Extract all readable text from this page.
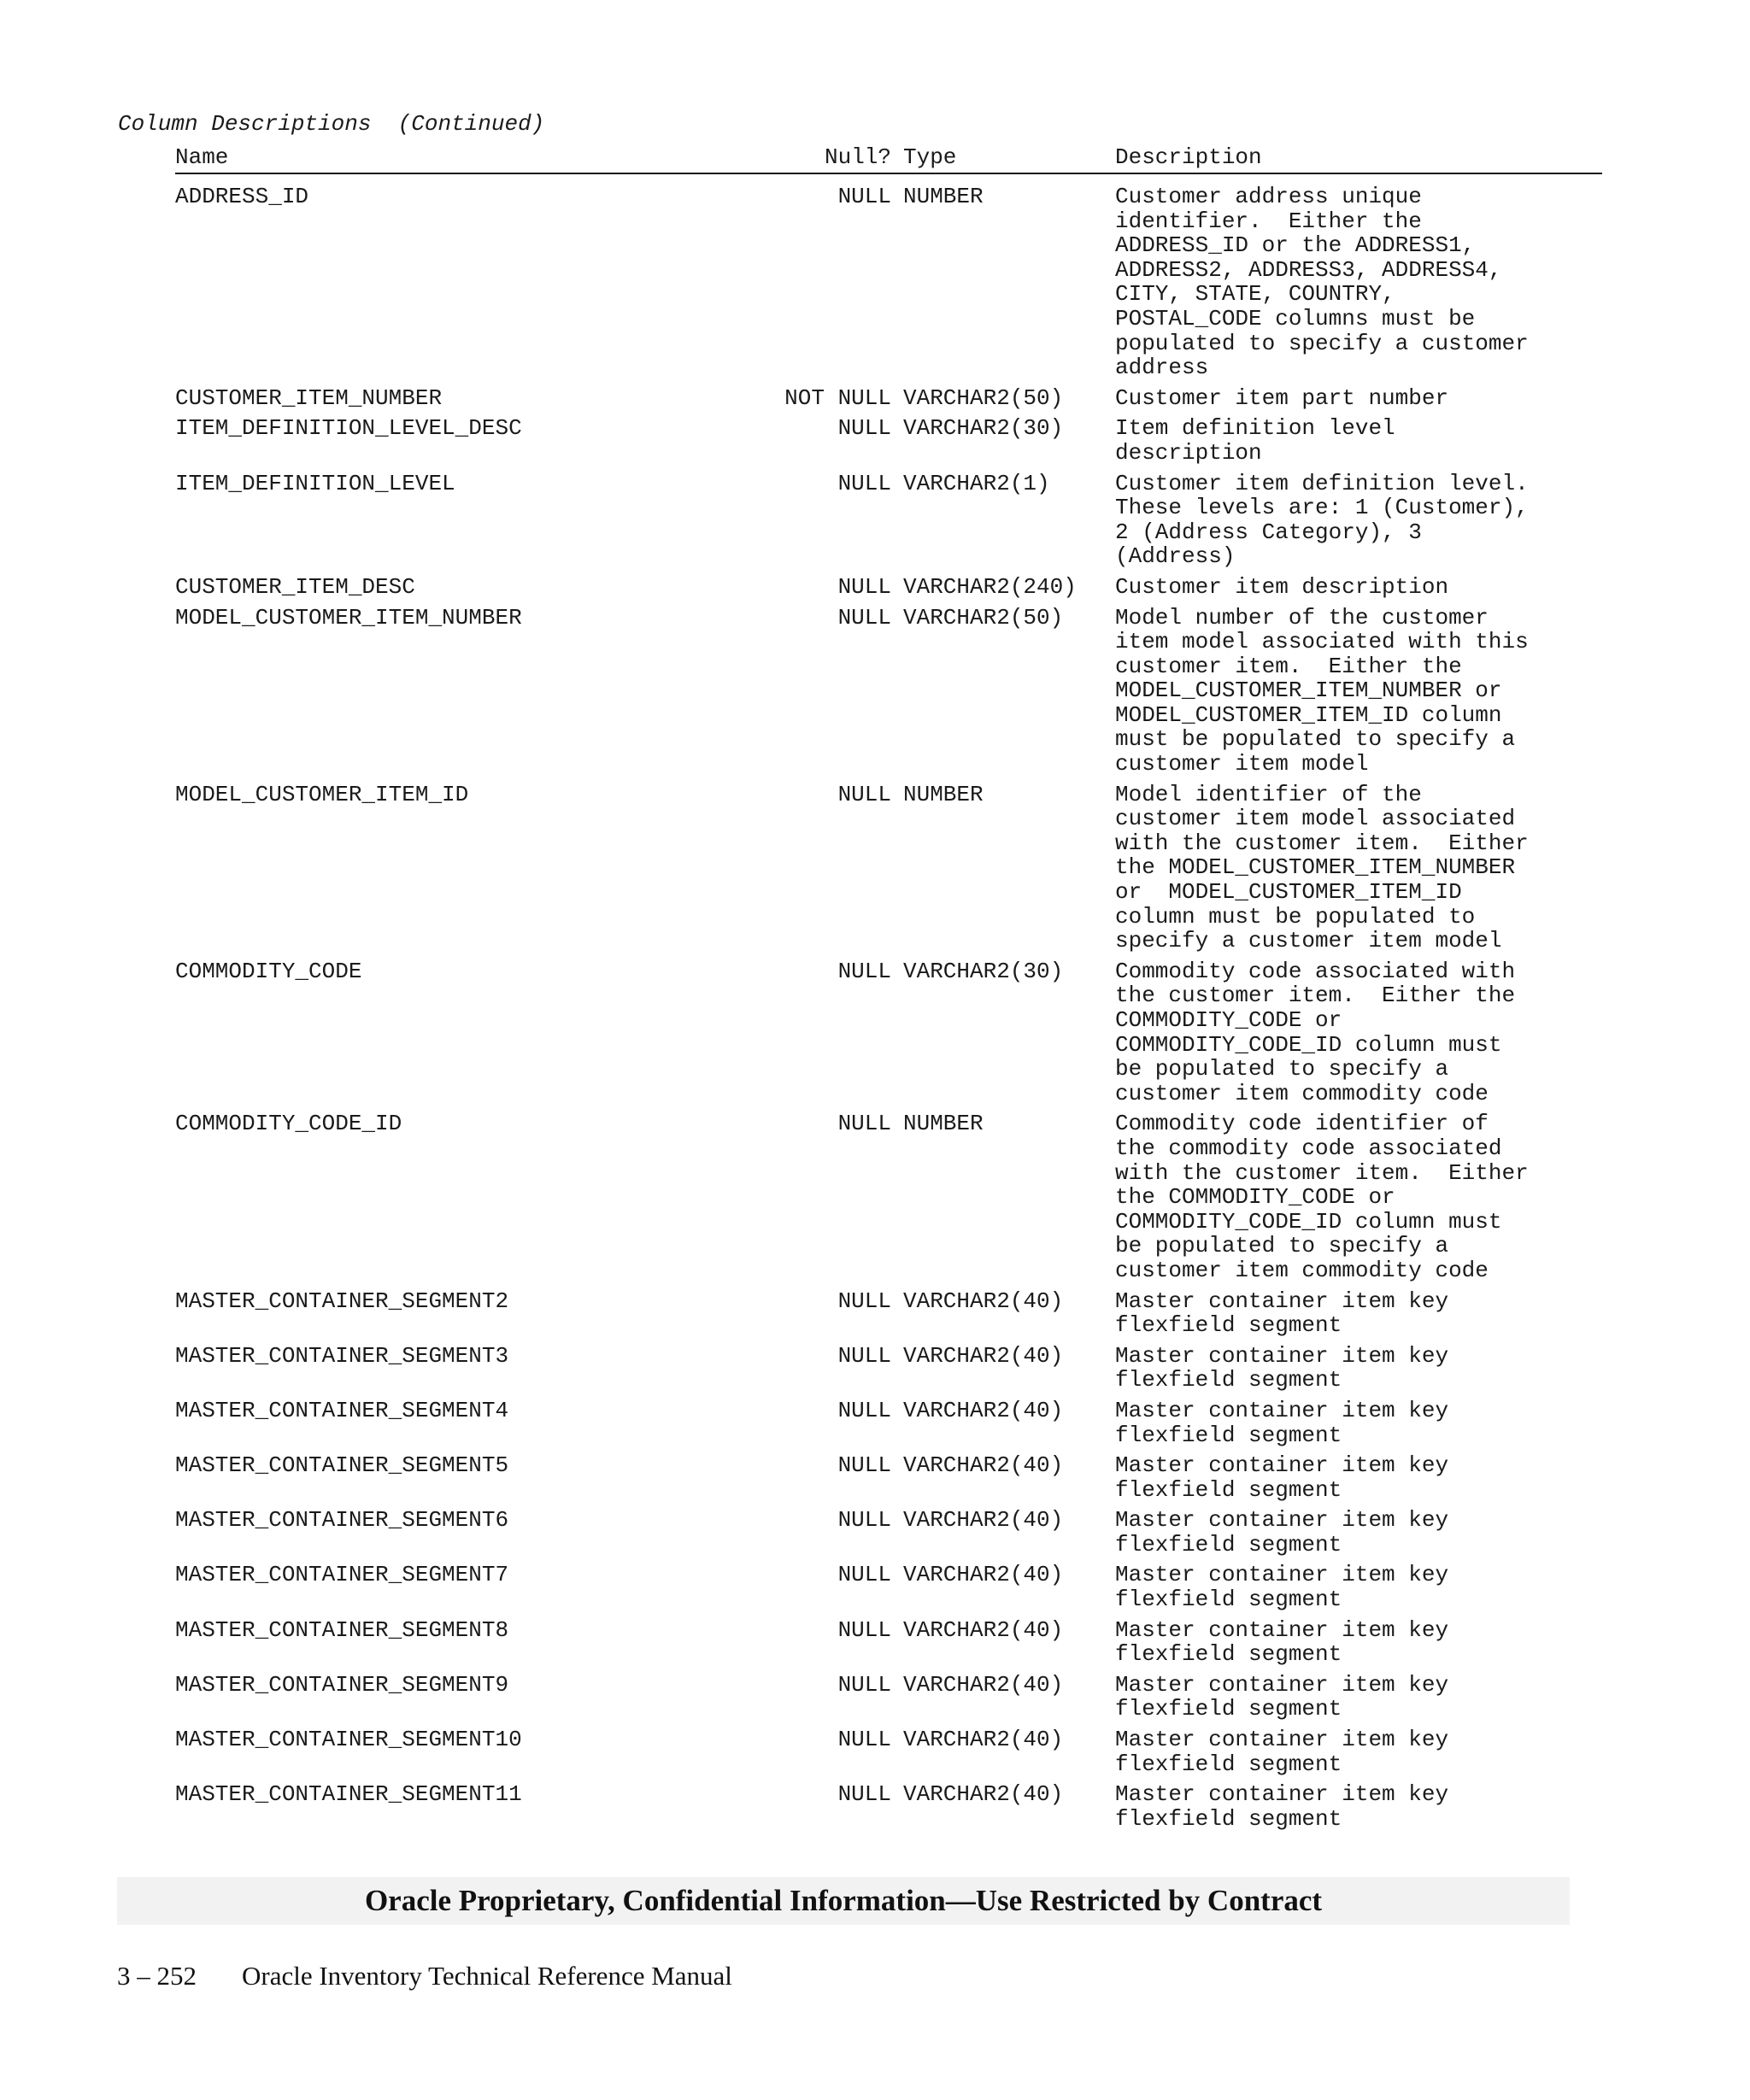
Column Descriptions  (Continued)
Name	Null? Type	Description
ADDRESS_ID	NULL NUMBER	Customer address unique
identifier.  Either the
ADDRESS_ID or the ADDRESS1,
ADDRESS2, ADDRESS3, ADDRESS4,
CITY, STATE, COUNTRY,
POSTAL_CODE columns must be
populated to specify a customer
address
CUSTOMER_ITEM_NUMBER	NOT NULL VARCHAR2(50) Customer item part number
ITEM_DEFINITION_LEVEL_DESC	NULL VARCHAR2(30) Item definition level
description
ITEM_DEFINITION_LEVEL	NULL VARCHAR2(1)	Customer item definition level.
These levels are: 1 (Customer),
2 (Address Category), 3
(Address)
CUSTOMER_ITEM_DESC	NULL VARCHAR2(240) Customer item description
MODEL_CUSTOMER_ITEM_NUMBER	NULL VARCHAR2(50) Model number of the customer
item model associated with this
customer item.  Either the
MODEL_CUSTOMER_ITEM_NUMBER or
MODEL_CUSTOMER_ITEM_ID column
must be populated to specify a
customer item model
MODEL_CUSTOMER_ITEM_ID	NULL NUMBER	Model identifier of the
customer item model associated
with the customer item.  Either
the MODEL_CUSTOMER_ITEM_NUMBER
or  MODEL_CUSTOMER_ITEM_ID
column must be populated to
specify a customer item model
COMMODITY_CODE	NULL VARCHAR2(30) Commodity code associated with
the customer item.  Either the
COMMODITY_CODE or
COMMODITY_CODE_ID column must
be populated to specify a
customer item commodity code
COMMODITY_CODE_ID	NULL NUMBER	Commodity code identifier of
the commodity code associated
with the customer item.  Either
the COMMODITY_CODE or
COMMODITY_CODE_ID column must
be populated to specify a
customer item commodity code
MASTER_CONTAINER_SEGMENT2	NULL VARCHAR2(40) Master container item key
flexfield segment
MASTER_CONTAINER_SEGMENT3	NULL VARCHAR2(40) Master container item key
flexfield segment
MASTER_CONTAINER_SEGMENT4	NULL VARCHAR2(40) Master container item key
flexfield segment
MASTER_CONTAINER_SEGMENT5	NULL VARCHAR2(40) Master container item key
flexfield segment
MASTER_CONTAINER_SEGMENT6	NULL VARCHAR2(40) Master container item key
flexfield segment
MASTER_CONTAINER_SEGMENT7	NULL VARCHAR2(40) Master container item key
flexfield segment
MASTER_CONTAINER_SEGMENT8	NULL VARCHAR2(40) Master container item key
flexfield segment
MASTER_CONTAINER_SEGMENT9	NULL VARCHAR2(40) Master container item key
flexfield segment
MASTER_CONTAINER_SEGMENT10	NULL VARCHAR2(40) Master container item key
flexfield segment
MASTER_CONTAINER_SEGMENT11	NULL VARCHAR2(40) Master container item key
flexfield segment
Oracle Proprietary, Confidential Information––Use Restricted by Contract
3 – 252 Oracle Inventory Technical Reference Manual
